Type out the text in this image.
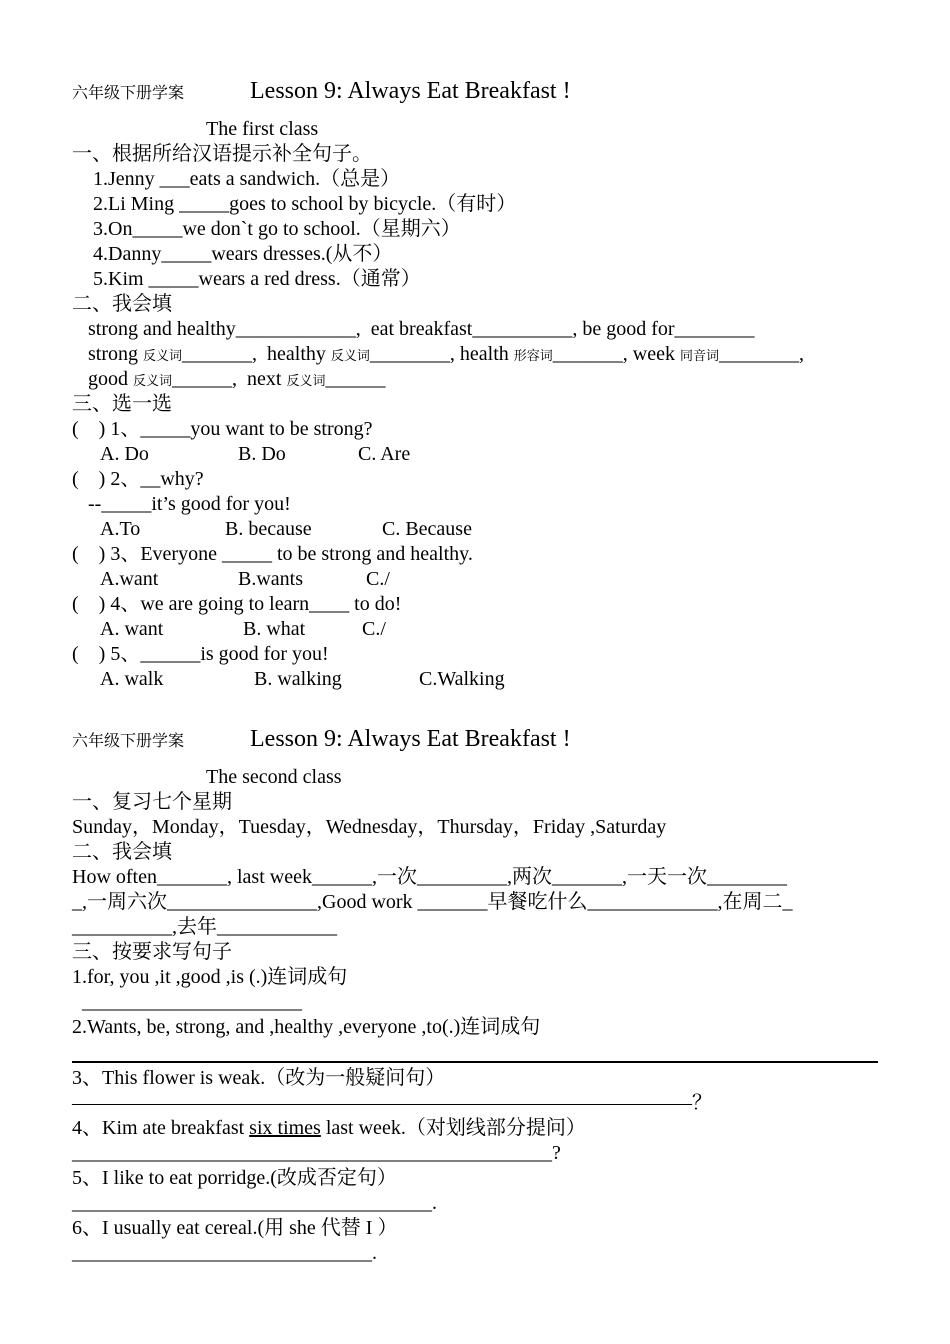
六年级下册学案	Lesson 9: Always Eat Breakfast !
The first class
一、根据所给汉语提示补全句子。
1.Jenny ___eats a sandwich.（总是）
2.Li Ming _____goes to school by bicycle.（有时）
3.On_____we don`t go to school.（星期六）
4.Danny_____wears dresses.(从不）
5.Kim _____wears a red dress.（通常）
二、我会填
strong and healthy____________,  eat breakfast__________, be good for________
strong 反义词_______,  healthy 反义词________, health 形容词_______, week 同音词________,
good 反义词______,  next 反义词______
三、选一选
(    ) 1、_____you want to be strong?
A. Do	B. Do	C. Are
(    ) 2、__why?
--_____it’s good for you!
A.To	B. because	C. Because
(    ) 3、Everyone _____ to be strong and healthy.
A.want	B.wants	C./
(    ) 4、we are going to learn____ to do!
A. want	B. what	C./
(    ) 5、______is good for you!
A. walk	B. walking	C.Walking
六年级下册学案	Lesson 9: Always Eat Breakfast !
The second class
一、复习七个星期
Sunday，Monday，Tuesday，Wednesday，Thursday，Friday ,Saturday
二、我会填
How often_______, last week______,一次_________,两次_______,一天一次________
_,一周六次_______________,Good work _______早餐吃什么_____________,在周二_
__________,去年____________
三、按要求写句子
1.for, you ,it ,good ,is (.)连词成句
______________________
2.Wants, be, strong, and ,healthy ,everyone ,to(.)连词成句
3、This flower is weak.（改为一般疑问句）
———————————————————————————————？
4、Kim ate breakfast six times last week.（对划线部分提问）
________________________________________________?
5、I like to eat porridge.(改成否定句）
____________________________________.
6、I usually eat cereal.(用 she 代替 I ）
______________________________.
